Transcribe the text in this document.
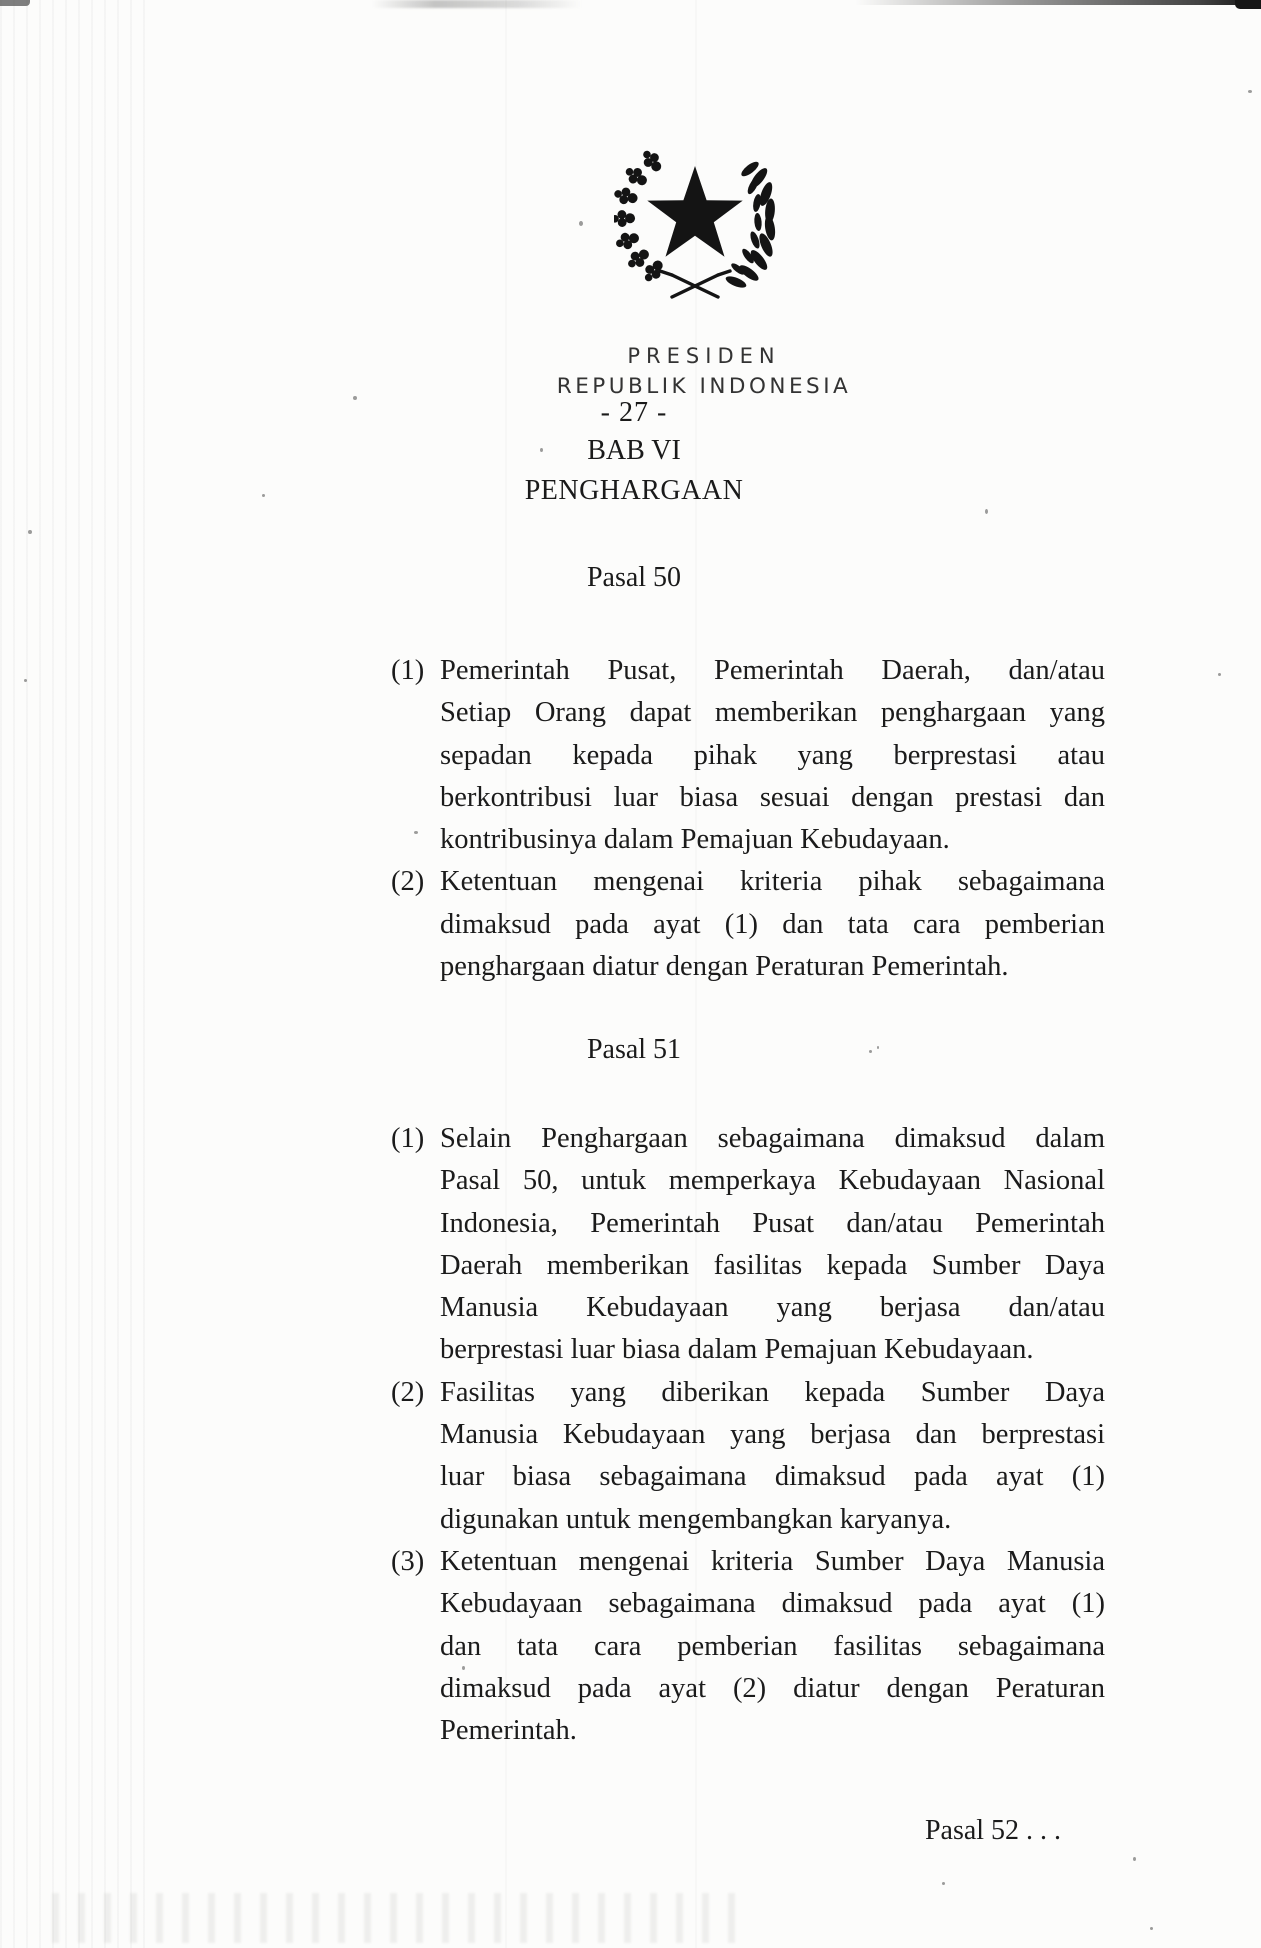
PRESIDEN
REPUBLIK INDONESIA
- 27 -
BAB VI
PENGHARGAAN
Pasal 50
Pasal 51
(1) Pemerintah Pusat, Pemerintah Daerah, dan/atau
Setiap Orang dapat memberikan penghargaan yang
sepadan kepada pihak yang berprestasi atau
berkontribusi luar biasa sesuai dengan prestasi dan
kontribusinya dalam Pemajuan Kebudayaan.
(2) Ketentuan mengenai kriteria pihak sebagaimana
dimaksud pada ayat (1) dan tata cara pemberian
penghargaan diatur dengan Peraturan Pemerintah.
(1) Selain Penghargaan sebagaimana dimaksud dalam
Pasal 50, untuk memperkaya Kebudayaan Nasional
Indonesia, Pemerintah Pusat dan/atau Pemerintah
Daerah memberikan fasilitas kepada Sumber Daya
Manusia Kebudayaan yang berjasa dan/atau
berprestasi luar biasa dalam Pemajuan Kebudayaan.
(2) Fasilitas yang diberikan kepada Sumber Daya
Manusia Kebudayaan yang berjasa dan berprestasi
luar biasa sebagaimana dimaksud pada ayat (1)
digunakan untuk mengembangkan karyanya.
(3) Ketentuan mengenai kriteria Sumber Daya Manusia
Kebudayaan sebagaimana dimaksud pada ayat (1)
dan tata cara pemberian fasilitas sebagaimana
dimaksud pada ayat (2) diatur dengan Peraturan
Pemerintah.
Pasal 52 . . .
